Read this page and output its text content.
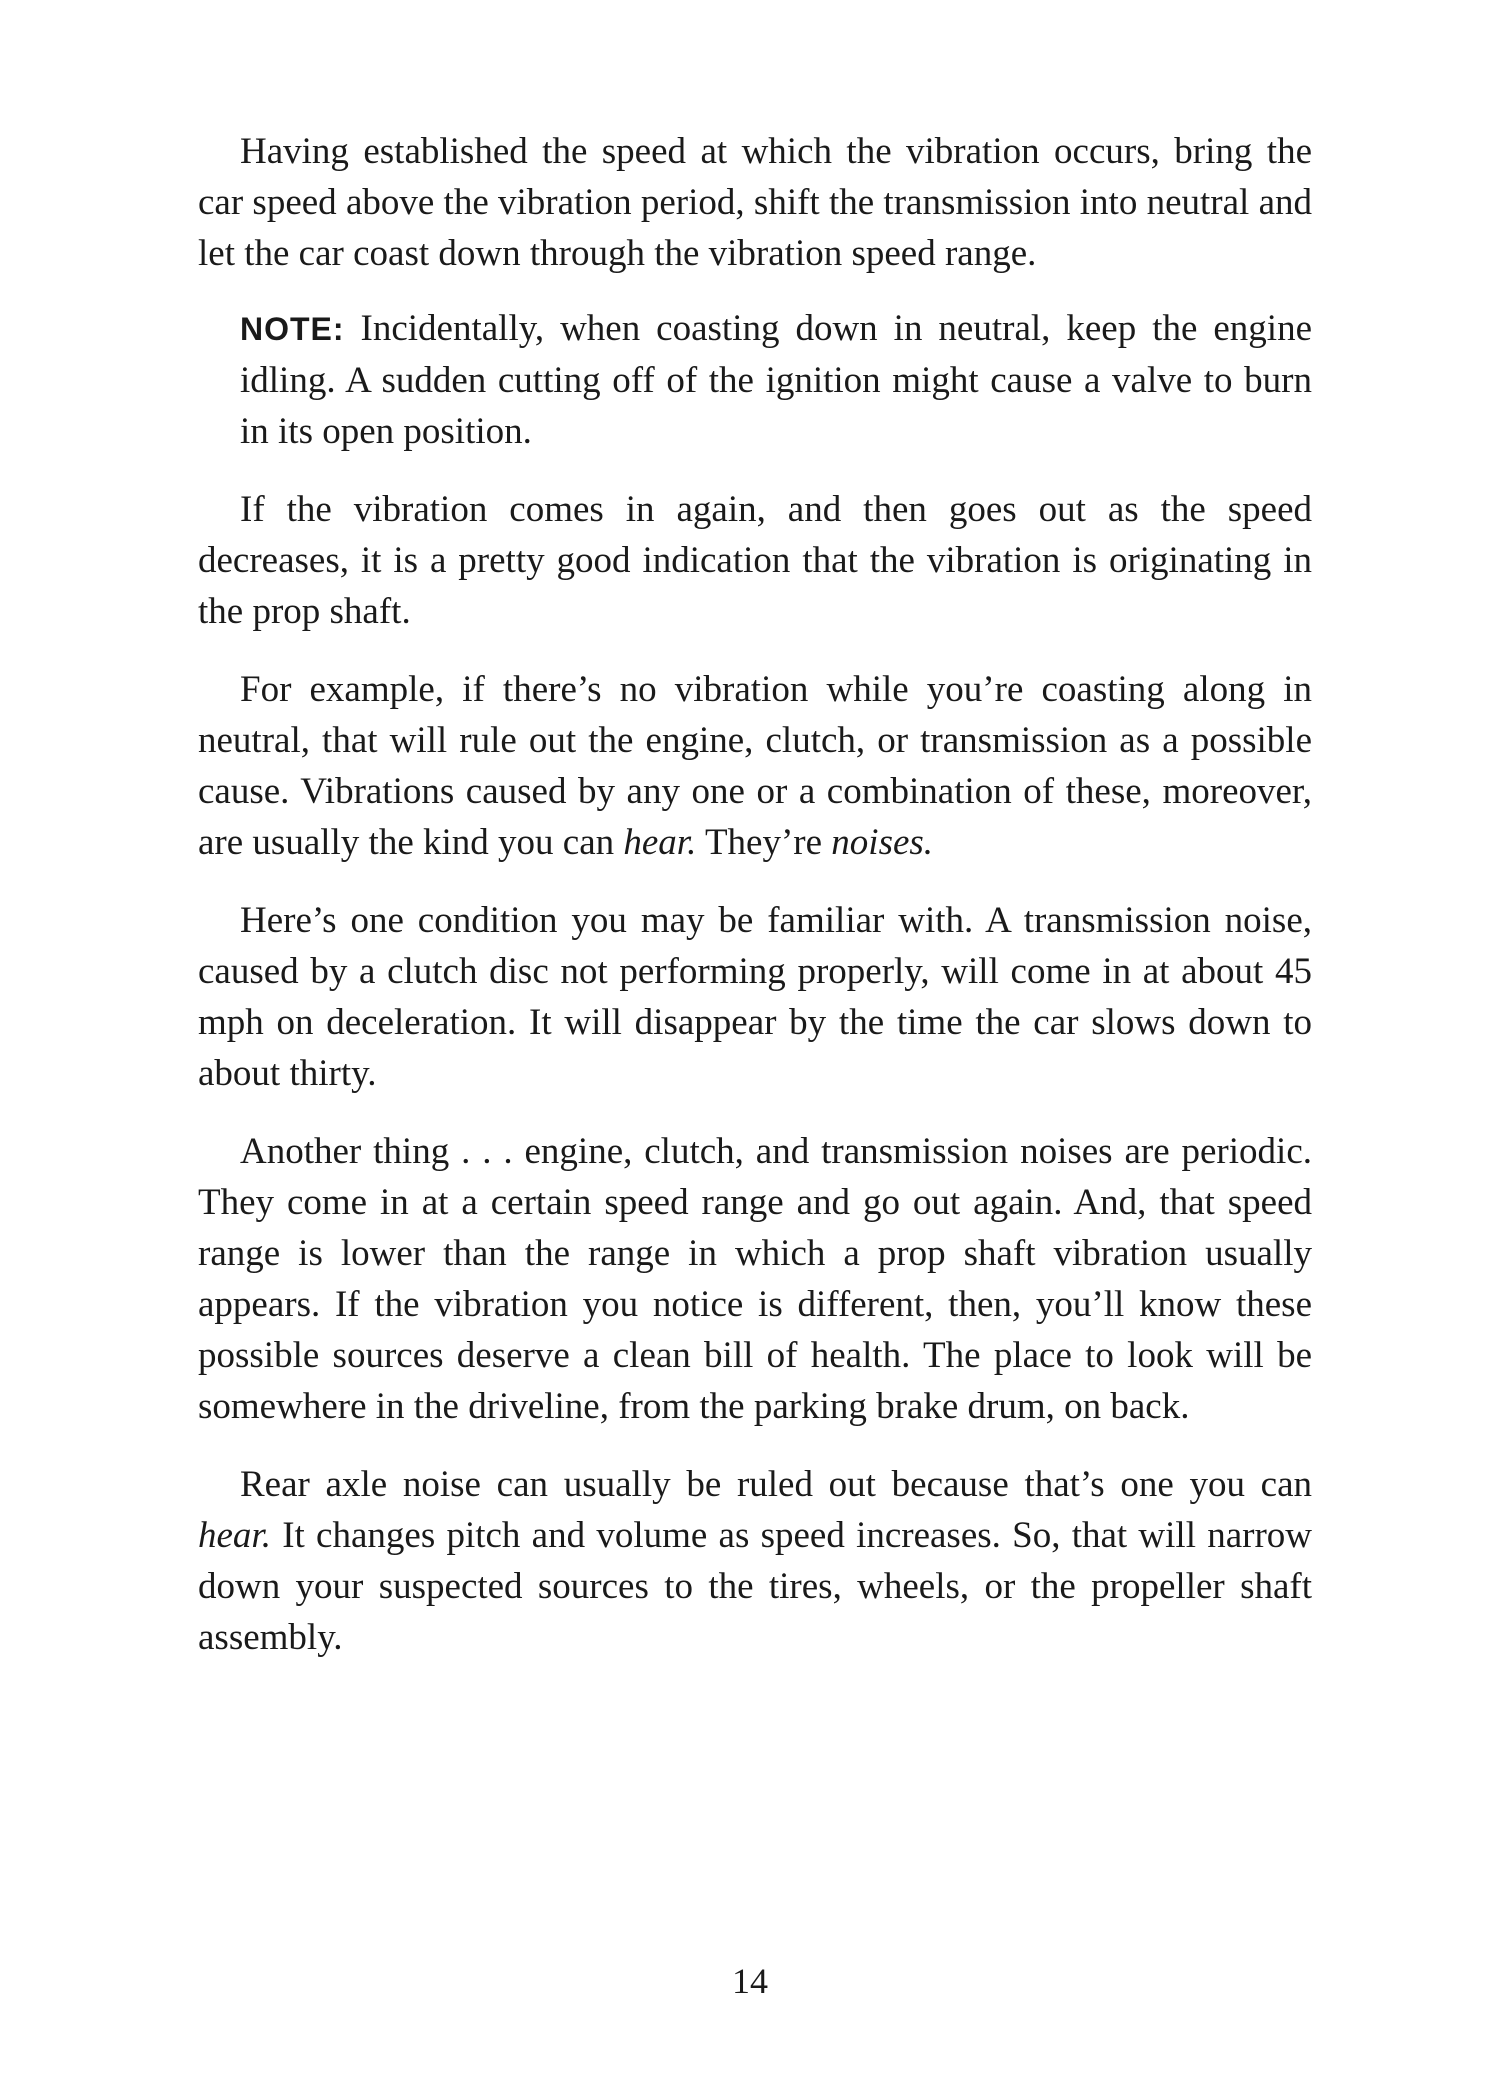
Having established the speed at which the vibration occurs, bring the car speed above the vibration period, shift the transmission into neutral and let the car coast down through the vibration speed range.

NOTE: Incidentally, when coasting down in neutral, keep the engine idling. A sudden cutting off of the ignition might cause a valve to burn in its open position.

If the vibration comes in again, and then goes out as the speed decreases, it is a pretty good indication that the vibration is originating in the prop shaft.

For example, if there’s no vibration while you’re coasting along in neutral, that will rule out the engine, clutch, or transmission as a possible cause. Vibrations caused by any one or a combination of these, moreover, are usually the kind you can hear. They’re noises.

Here’s one condition you may be familiar with. A transmission noise, caused by a clutch disc not performing properly, will come in at about 45 mph on deceleration. It will disappear by the time the car slows down to about thirty.

Another thing . . . engine, clutch, and transmission noises are periodic. They come in at a certain speed range and go out again. And, that speed range is lower than the range in which a prop shaft vibration usually appears. If the vibration you notice is different, then, you’ll know these possible sources deserve a clean bill of health. The place to look will be somewhere in the driveline, from the parking brake drum, on back.

Rear axle noise can usually be ruled out because that’s one you can hear. It changes pitch and volume as speed increases. So, that will narrow down your suspected sources to the tires, wheels, or the propeller shaft assembly.

14
